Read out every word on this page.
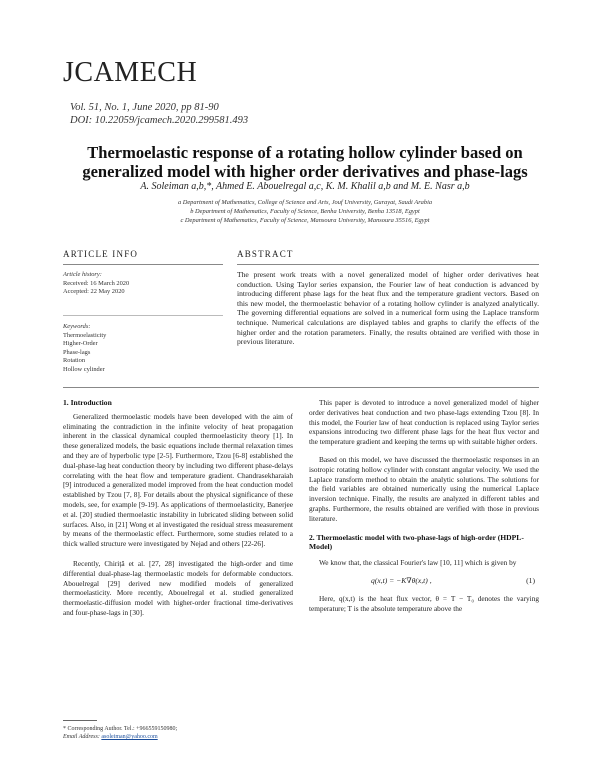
JCAMECH
Vol. 51, No. 1, June 2020, pp 81-90
DOI: 10.22059/jcamech.2020.299581.493
Thermoelastic response of a rotating hollow cylinder based on generalized model with higher order derivatives and phase-lags
A. Soleiman a,b,*, Ahmed E. Abouelregal a,c, K. M. Khalil a,b and M. E. Nasr a,b
a Department of Mathematics, College of Science and Arts, Jouf University, Gurayat, Saudi Arabia
b Department of Mathematics, Faculty of Science, Benha University, Benha 13518, Egypt
c Department of Mathematics, Faculty of Science, Mansoura University, Mansoura 35516, Egypt
ARTICLE INFO	ABSTRACT
Article history:
Received: 16 March 2020
Accepted: 22 May 2020
Keywords:
Thermoelasticity
Higher-Order
Phase-lags
Rotation
Hollow cylinder
The present work treats with a novel generalized model of higher order derivatives heat conduction. Using Taylor series expansion, the Fourier law of heat conduction is advanced by introducing different phase lags for the heat flux and the temperature gradient vectors. Based on this new model, the thermoelastic behavior of a rotating hollow cylinder is analyzed analytically. The governing differential equations are solved in a numerical form using the Laplace transform technique. Numerical calculations are displayed tables and graphs to clarify the effects of the higher order and the rotation parameters. Finally, the results obtained are verified with those in previous literature.
1. Introduction

Generalized thermoelastic models have been developed with the aim of eliminating the contradiction in the infinite velocity of heat propagation inherent in the classical dynamical coupled thermoelasticity theory [1]. In these generalized models, the basic equations include thermal relaxation times and they are of hyperbolic type [2-5]. Furthermore, Tzou [6-8] established the dual-phase-lag heat conduction theory by including two different phase-delays correlating with the heat flow and temperature gradient. Chandrasekharaiah [9] introduced a generalized model improved from the heat conduction model established by Tzou [7, 8]. For details about the physical significance of these models, see, for example [9-19]. As applications of thermoelasticity, Banerjee et al. [20] studied thermoelastic instability in lubricated sliding between solid surfaces. Also, in [21] Wong et al investigated the residual stress measurement by means of the thermoelastic effect. Furthermore, some studies related to a thick walled structure were investigated by Nejad and others [22-26].

Recently, Chiriță et al. [27, 28] investigated the high-order and time differential dual-phase-lag thermoelastic models for deformable conductors. Abouelregal [29] derived new modified models of generalized thermoelasticity. More recently, Abouelregal et al. studied generalized thermoelastic-diffusion model with higher-order fractional time-derivatives and four-phase-lags in [30].

* Corresponding Author. Tel.: +966559150980;
Email Address: asoleiman@yahoo.com

This paper is devoted to introduce a novel generalized model of higher order derivatives heat conduction and two phase-lags extending Tzou [8]. In this model, the Fourier law of heat conduction is replaced using Taylor series expansions introducing two different phase lags for the heat flux vector and the temperature gradient and keeping the terms up with suitable higher orders.

Based on this model, we have discussed the thermoelastic responses in an isotropic rotating hollow cylinder with constant angular velocity. We used the Laplace transform method to obtain the analytic solutions. The solutions for the field variables are obtained numerically using the numerical Laplace inversion technique. Finally, the results are analyzed in different tables and graphs. Furthermore, the results obtained are verified with those in previous literature.

2. Thermoelastic model with two-phase-lags of high-order (HDPL- Model)

We know that, the classical Fourier's law [10, 11] which is given by

q(x,t) = −K∇θ(x,t) ,	(1)

Here, q(x,t) is the heat flux vector, θ = T − T₀ denotes the varying temperature; T is the absolute temperature above the
